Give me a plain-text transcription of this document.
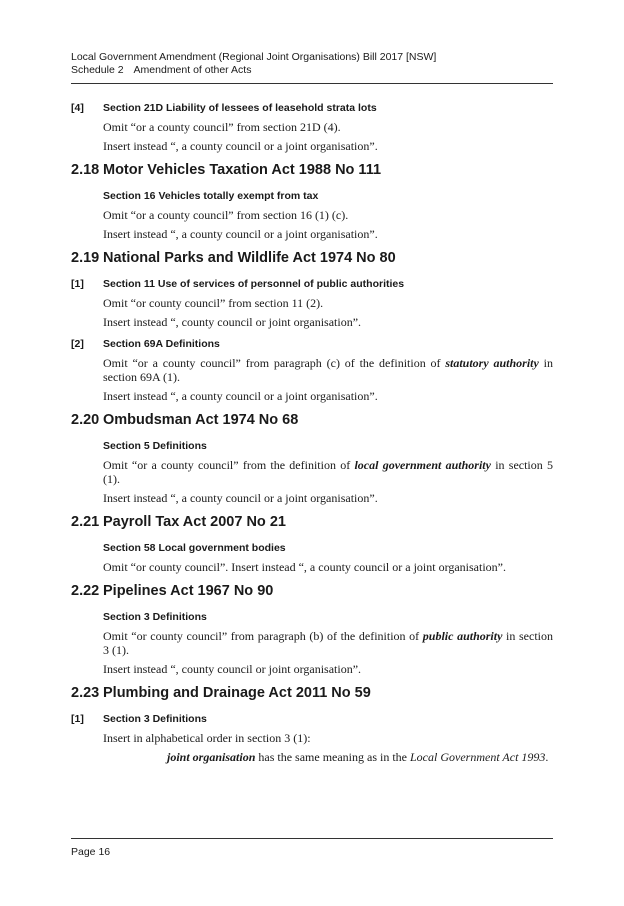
Local Government Amendment (Regional Joint Organisations) Bill 2017 [NSW]
Schedule 2 Amendment of other Acts
[4] Section 21D Liability of lessees of leasehold strata lots

Omit “or a county council” from section 21D (4).

Insert instead “, a county council or a joint organisation”.

2.18 Motor Vehicles Taxation Act 1988 No 111
Section 16 Vehicles totally exempt from tax

Omit “or a county council” from section 16 (1) (c).

Insert instead “, a county council or a joint organisation”.

2.19 National Parks and Wildlife Act 1974 No 80
[1] Section 11 Use of services of personnel of public authorities

Omit “or county council” from section 11 (2).

Insert instead “, county council or joint organisation”.

[2] Section 69A Definitions

Omit “or a county council” from paragraph (c) of the definition of statutory authority in section 69A (1).

Insert instead “, a county council or a joint organisation”.

2.20 Ombudsman Act 1974 No 68
Section 5 Definitions

Omit “or a county council” from the definition of local government authority in section 5 (1).

Insert instead “, a county council or a joint organisation”.

2.21 Payroll Tax Act 2007 No 21
Section 58 Local government bodies

Omit “or county council”. Insert instead “, a county council or a joint organisation”.

2.22 Pipelines Act 1967 No 90
Section 3 Definitions

Omit “or county council” from paragraph (b) of the definition of public authority in section 3 (1).

Insert instead “, county council or joint organisation”.

2.23 Plumbing and Drainage Act 2011 No 59
[1] Section 3 Definitions

Insert in alphabetical order in section 3 (1):

joint organisation has the same meaning as in the Local Government Act 1993.

Page 16
